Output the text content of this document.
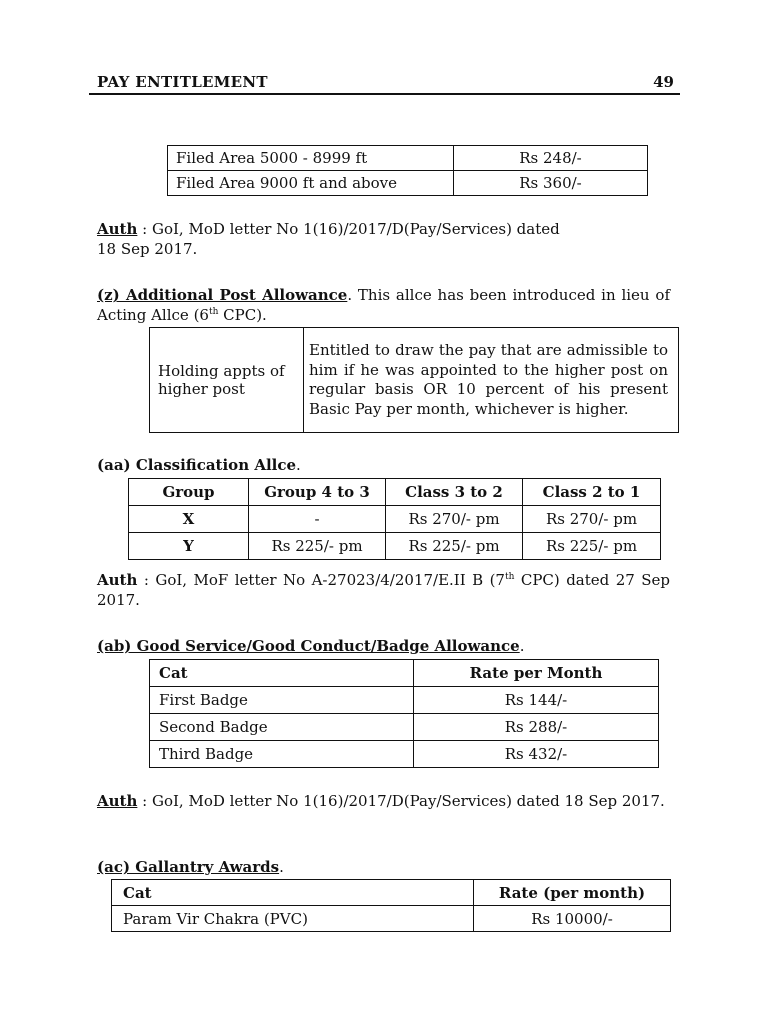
PAY ENTITLEMENT	49
Filed Area 5000 - 8999 ft	Rs 248/-
Filed Area 9000 ft and above	Rs 360/-
Auth : GoI, MoD letter No 1(16)/2017/D(Pay/Services) dated
18 Sep 2017.
(z) Additional Post Allowance. This allce has been introduced in lieu of Acting Allce (6th CPC).
Holding appts of higher post	Entitled to draw the pay that are admissible to him if he was appointed to the higher post on regular basis OR 10 percent of his present Basic Pay per month, whichever is higher.
(aa) Classification Allce.
Group	Group 4 to 3	Class 3 to 2	Class 2 to 1
X	-	Rs 270/- pm	Rs 270/- pm
Y	Rs 225/- pm	Rs 225/- pm	Rs 225/- pm
Auth : GoI, MoF letter No A-27023/4/2017/E.II B (7th CPC) dated 27 Sep 2017.
(ab) Good Service/Good Conduct/Badge Allowance.
Cat	Rate per Month
First Badge	Rs 144/-
Second Badge	Rs 288/-
Third Badge	Rs 432/-
Auth : GoI, MoD letter No 1(16)/2017/D(Pay/Services) dated 18 Sep 2017.
(ac) Gallantry Awards.
Cat	Rate (per month)
Param Vir Chakra (PVC)	Rs 10000/-
